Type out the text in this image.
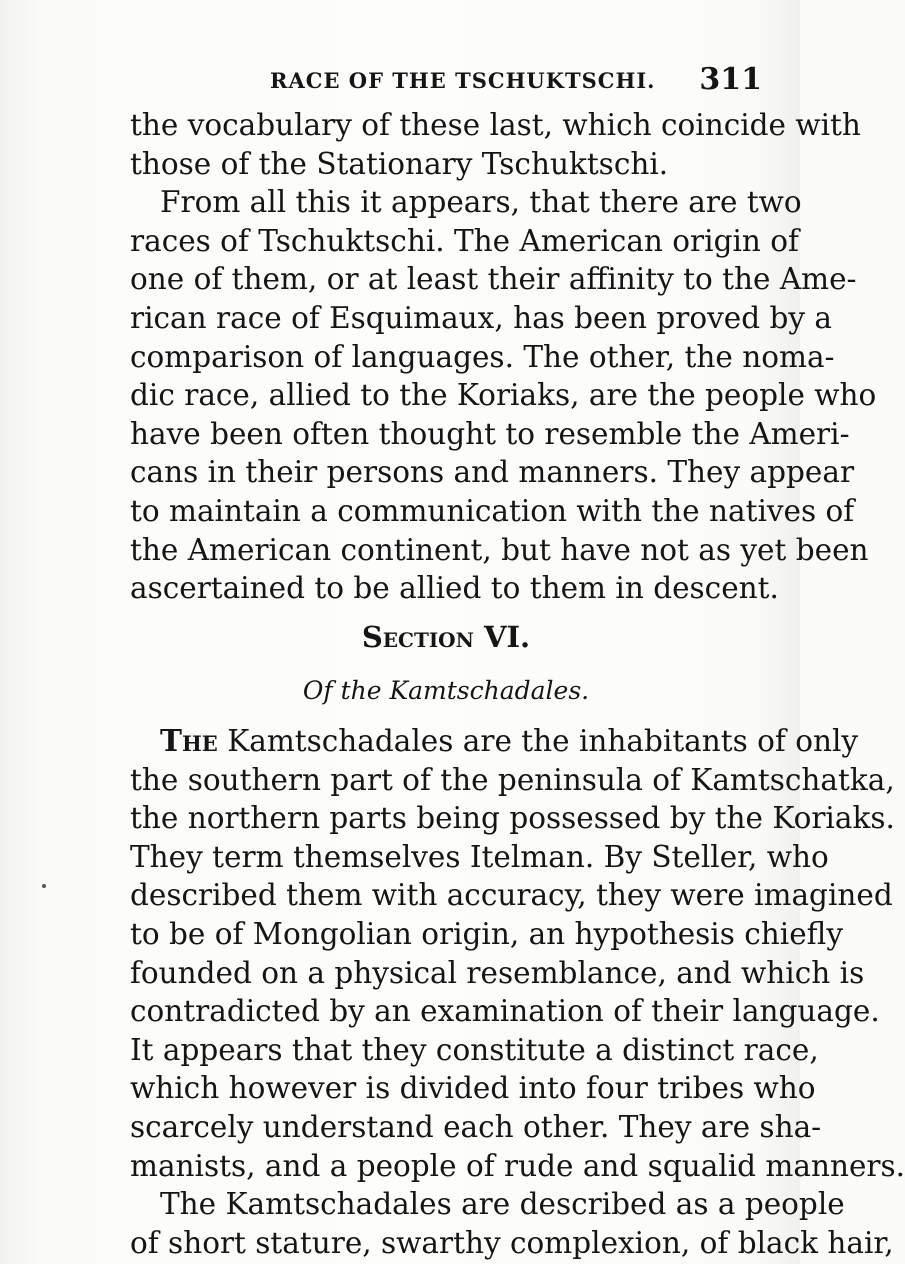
RACE OF THE TSCHUKTSCHI. 311
the vocabulary of these last, which coincide with
those of the Stationary Tschuktschi.
From all this it appears, that there are two
races of Tschuktschi. The American origin of
one of them, or at least their affinity to the Ame-
rican race of Esquimaux, has been proved by a
comparison of languages. The other, the noma-
dic race, allied to the Koriaks, are the people who
have been often thought to resemble the Ameri-
cans in their persons and manners. They appear
to maintain a communication with the natives of
the American continent, but have not as yet been
ascertained to be allied to them in descent.
Section VI.
Of the Kamtschadales.
The Kamtschadales are the inhabitants of only
the southern part of the peninsula of Kamtschatka,
the northern parts being possessed by the Koriaks.
They term themselves Itelman. By Steller, who
described them with accuracy, they were imagined
to be of Mongolian origin, an hypothesis chiefly
founded on a physical resemblance, and which is
contradicted by an examination of their language.
It appears that they constitute a distinct race,
which however is divided into four tribes who
scarcely understand each other. They are sha-
manists, and a people of rude and squalid manners.
The Kamtschadales are described as a people
of short stature, swarthy complexion, of black hair,
